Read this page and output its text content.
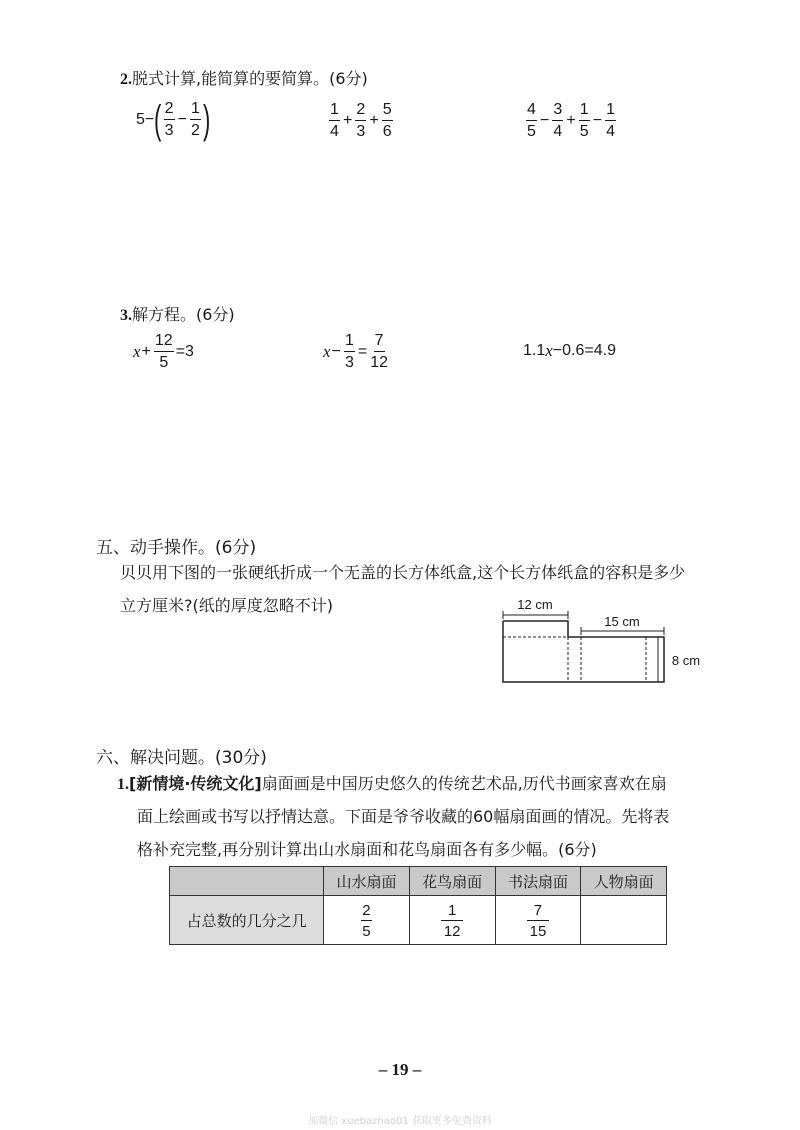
2.脱式计算,能简算的要简算。(6分)
5− ( $\frac{2}{3} - \frac{1}{2}$ )	$\frac{1}{4} + \frac{2}{3} + \frac{5}{6}$	$\frac{4}{5} - \frac{3}{4} + \frac{1}{5} - \frac{1}{4}$
3.解方程。(6分)
$x + \frac{12}{5} =3$	$x - \frac{1}{3} = \frac{7}{12}$	1.1 x −0.6=4.9
五、动手操作。(6分)
贝贝用下图的一张硬纸折成一个无盖的长方体纸盒,这个长方体纸盒的容积是多少
立方厘米?(纸的厚度忽略不计)	12 cm
15 cm
8 cm
六、解决问题。(30分)
1.[新情境·传统文化]扇面画是中国历史悠久的传统艺术品,历代书画家喜欢在扇
面上绘画或书写以抒情达意。下面是爷爷收藏的60幅扇面画的情况。先将表
格补充完整,再分别计算出山水扇面和花鸟扇面各有多少幅。(6分)
	山水扇面	花鸟扇面	书法扇面	人物扇面
占总数的几分之几	$\frac{2}{5}$	$\frac{1}{12}$	$\frac{7}{15}$

– 19 –
加微信 xuebazhao01 获取更多免费资料
